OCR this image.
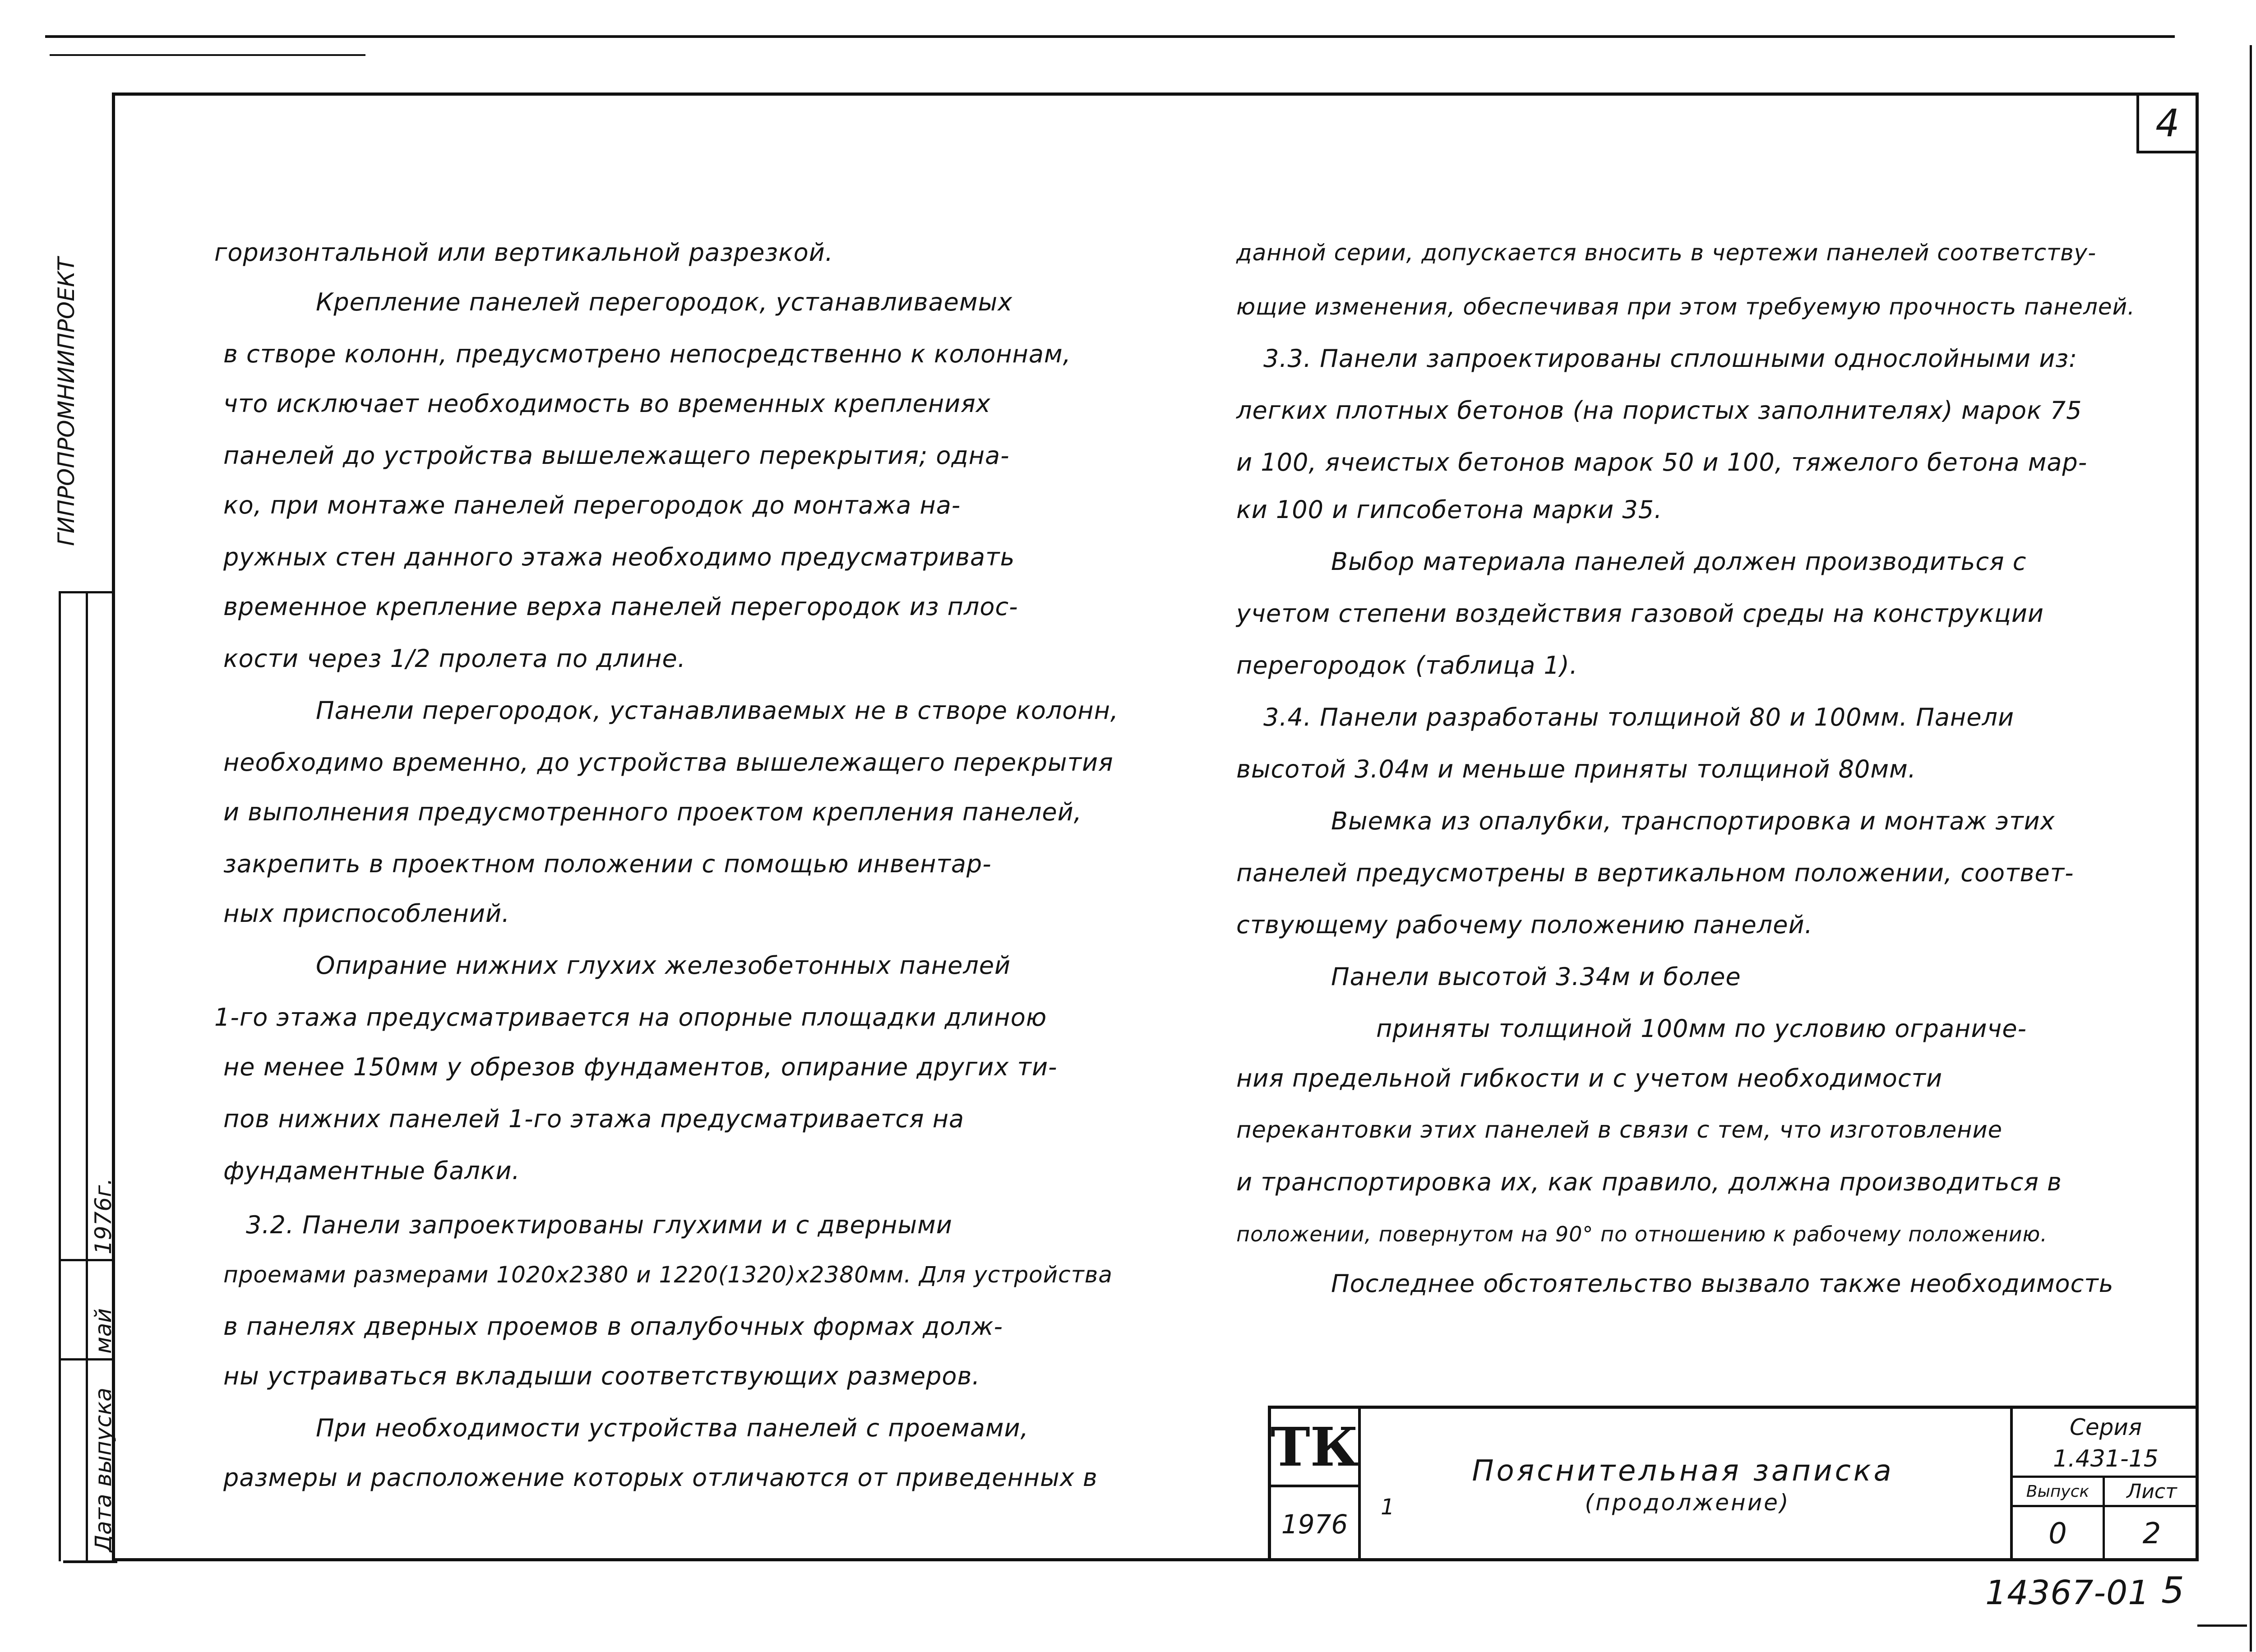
4
ГИПРОПРОМНИИПРОЕКТ
Дата выпуска
май
1976г.
горизонтальной или вертикальной разрезкой.
Крепление панелей перегородок, устанавливаемых
в створе колонн, предусмотрено непосредственно к колоннам,
что исключает необходимость во временных креплениях
панелей до устройства вышележащего перекрытия; одна-
ко, при монтаже панелей перегородок до монтажа на-
ружных стен данного этажа необходимо предусматривать
временное крепление верха панелей перегородок из плос-
кости через 1/2 пролета по длине.
Панели перегородок, устанавливаемых не в створе колонн,
необходимо временно, до устройства вышележащего перекрытия
и выполнения предусмотренного проектом крепления панелей,
закрепить в проектном положении с помощью инвентар-
ных приспособлений.
Опирание нижних глухих железобетонных панелей
1-го этажа предусматривается на опорные площадки длиною
не менее 150мм у обрезов фундаментов, опирание других ти-
пов нижних панелей 1-го этажа предусматривается на
фундаментные балки.
3.2. Панели запроектированы глухими и с дверными
проемами размерами 1020х2380 и 1220(1320)х2380мм. Для устройства
в панелях дверных проемов в опалубочных формах долж-
ны устраиваться вкладыши соответствующих размеров.
При необходимости устройства панелей с проемами,
размеры и расположение которых отличаются от приведенных в
данной серии, допускается вносить в чертежи панелей соответству-
ющие изменения, обеспечивая при этом требуемую прочность панелей.
3.3. Панели запроектированы сплошными однослойными из:
легких плотных бетонов (на пористых заполнителях) марок 75
и 100, ячеистых бетонов марок 50 и 100, тяжелого бетона мар-
ки 100 и гипсобетона марки 35.
Выбор материала панелей должен производиться с
учетом степени воздействия газовой среды на конструкции
перегородок (таблица 1).
3.4. Панели разработаны толщиной 80 и 100мм. Панели
высотой 3.04м и меньше приняты толщиной 80мм.
Выемка из опалубки, транспортировка и монтаж этих
панелей предусмотрены в вертикальном положении, соответ-
ствующему рабочему положению панелей.
Панели высотой 3.34м и более
приняты толщиной 100мм по условию ограниче-
ния предельной гибкости и с учетом необходимости
перекантовки этих панелей в связи с тем, что изготовление
и транспортировка их, как правило, должна производиться в
положении, повернутом на 90° по отношению к рабочему положению.
Последнее обстоятельство вызвало также необходимость
ТК
1976
1
Пояснительная записка
(продолжение)
Серия
1.431-15
Выпуск Лист
0	2
14367-01 5
